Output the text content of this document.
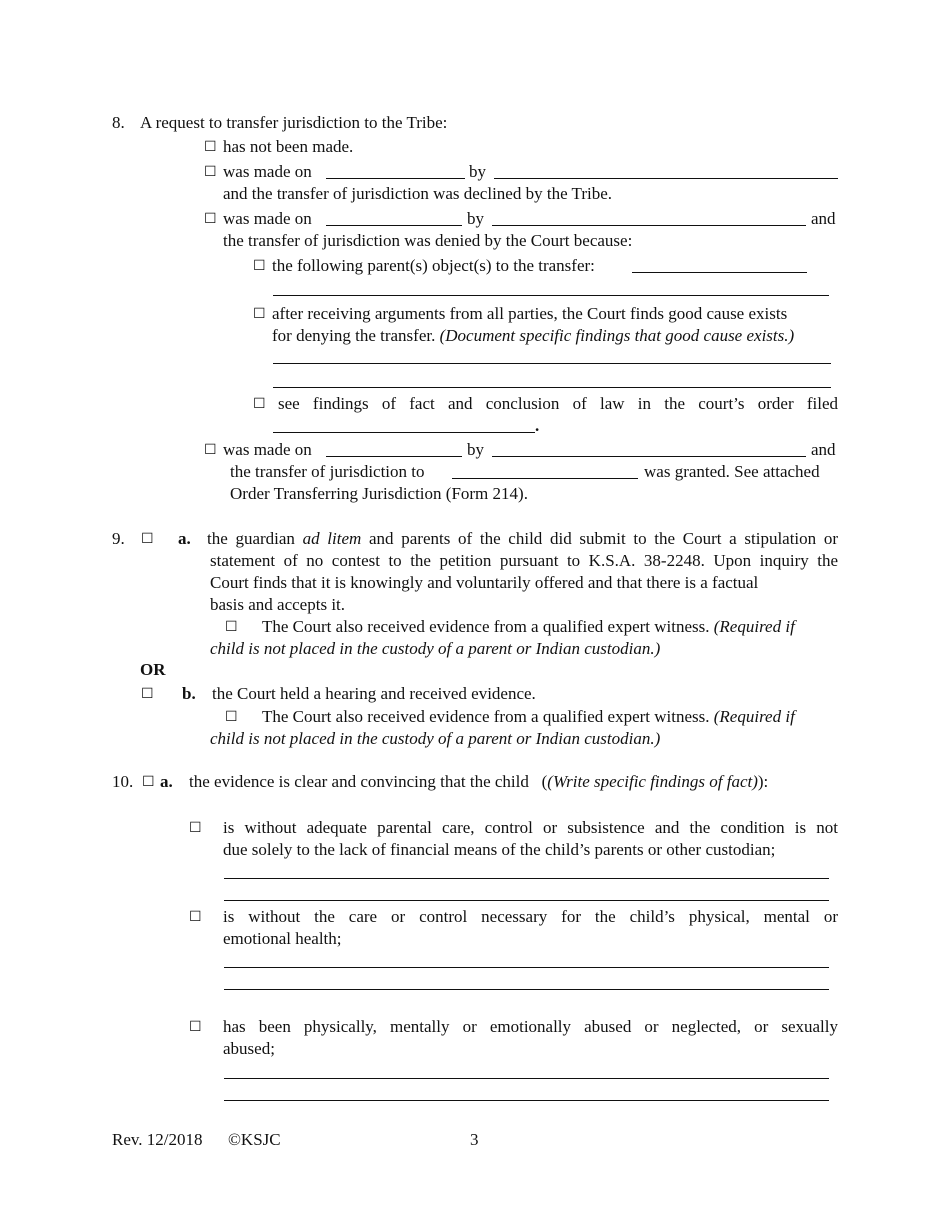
8. A request to transfer jurisdiction to the Tribe:
☐ has not been made.
☐ was made on	by
and the transfer of jurisdiction was declined by the Tribe.
☐ was made on	by	and
the transfer of jurisdiction was denied by the Court because:
☐ the following parent(s) object(s) to the transfer:
☐ after receiving arguments from all parties, the Court finds good cause exists
for denying the transfer. (Document specific findings that good cause exists.)
☐ see findings of fact and conclusion of law in the court’s order filed
.
☐ was made on	by	and
the transfer of jurisdiction to	was granted. See attached
Order Transferring Jurisdiction (Form 214).
9. ☐ a. the guardian ad litem and parents of the child did submit to the Court a stipulation or
statement of no contest to the petition pursuant to K.S.A. 38-2248. Upon inquiry the
Court finds that it is knowingly and voluntarily offered and that there is a factual
basis and accepts it.
☐ The Court also received evidence from a qualified expert witness. (Required if
child is not placed in the custody of a parent or Indian custodian.)
OR
☐ b. the Court held a hearing and received evidence.
☐ The Court also received evidence from a qualified expert witness. (Required if
child is not placed in the custody of a parent or Indian custodian.)
10. ☐ a. the evidence is clear and convincing that the child   ((Write specific findings of fact)):
☐ is without adequate parental care, control or subsistence and the condition is not
due solely to the lack of financial means of the child’s parents or other custodian;
☐ is without the care or control necessary for the child’s physical, mental or
emotional health;
☐ has been physically, mentally or emotionally abused or neglected, or sexually
abused;
Rev. 12/2018 ©KSJC	3
